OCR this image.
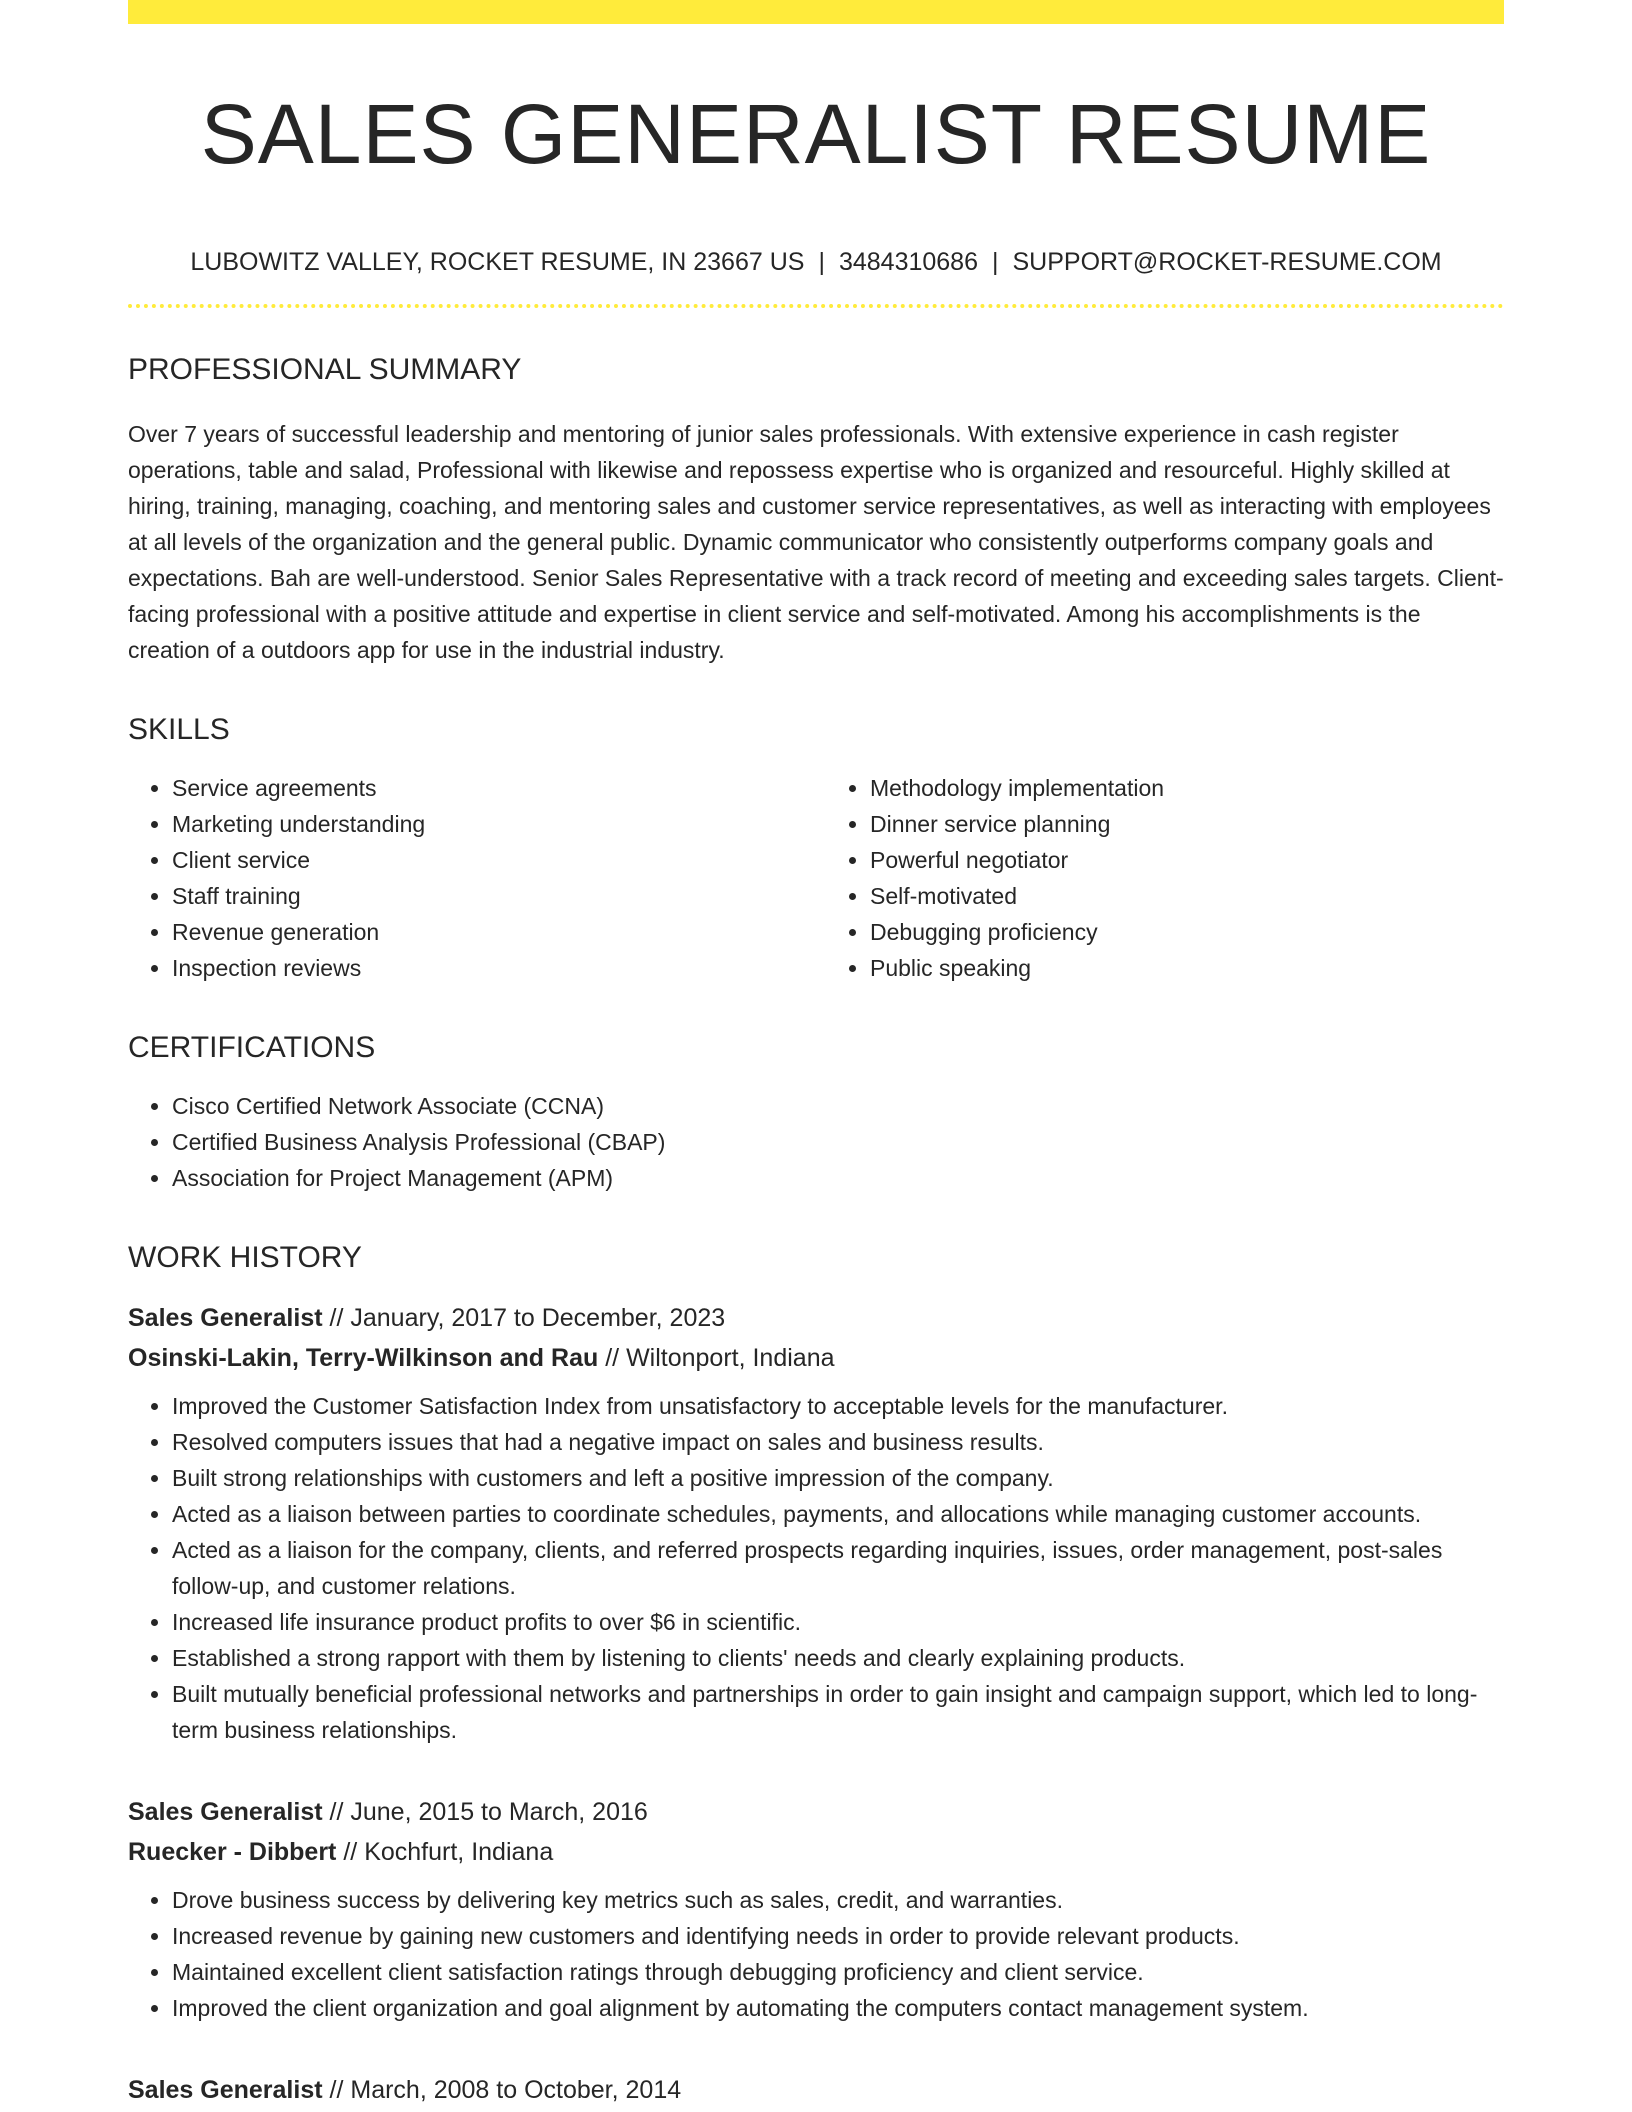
SALES GENERALIST RESUME
LUBOWITZ VALLEY, ROCKET RESUME, IN 23667 US | 3484310686 | SUPPORT@ROCKET-RESUME.COM
PROFESSIONAL SUMMARY

Over 7 years of successful leadership and mentoring of junior sales professionals. With extensive experience in cash register operations, table and salad, Professional with likewise and repossess expertise who is organized and resourceful. Highly skilled at hiring, training, managing, coaching, and mentoring sales and customer service representatives, as well as interacting with employees at all levels of the organization and the general public. Dynamic communicator who consistently outperforms company goals and expectations. Bah are well-understood. Senior Sales Representative with a track record of meeting and exceeding sales targets. Client-facing professional with a positive attitude and expertise in client service and self-motivated. Among his accomplishments is the creation of a outdoors app for use in the industrial industry.

SKILLS
• Service agreements
• Marketing understanding
• Client service
• Staff training
• Revenue generation
• Inspection reviews
• Methodology implementation
• Dinner service planning
• Powerful negotiator
• Self-motivated
• Debugging proficiency
• Public speaking
CERTIFICATIONS
• Cisco Certified Network Associate (CCNA)
• Certified Business Analysis Professional (CBAP)
• Association for Project Management (APM)
WORK HISTORY
Sales Generalist // January, 2017 to December, 2023
Osinski-Lakin, Terry-Wilkinson and Rau // Wiltonport, Indiana
• Improved the Customer Satisfaction Index from unsatisfactory to acceptable levels for the manufacturer.
• Resolved computers issues that had a negative impact on sales and business results.
• Built strong relationships with customers and left a positive impression of the company.
• Acted as a liaison between parties to coordinate schedules, payments, and allocations while managing customer accounts.
• Acted as a liaison for the company, clients, and referred prospects regarding inquiries, issues, order management, post-sales follow-up, and customer relations.
• Increased life insurance product profits to over $6 in scientific.
• Established a strong rapport with them by listening to clients' needs and clearly explaining products.
• Built mutually beneficial professional networks and partnerships in order to gain insight and campaign support, which led to long-term business relationships.
Sales Generalist // June, 2015 to March, 2016
Ruecker - Dibbert // Kochfurt, Indiana
• Drove business success by delivering key metrics such as sales, credit, and warranties.
• Increased revenue by gaining new customers and identifying needs in order to provide relevant products.
• Maintained excellent client satisfaction ratings through debugging proficiency and client service.
• Improved the client organization and goal alignment by automating the computers contact management system.
Sales Generalist // March, 2008 to October, 2014
